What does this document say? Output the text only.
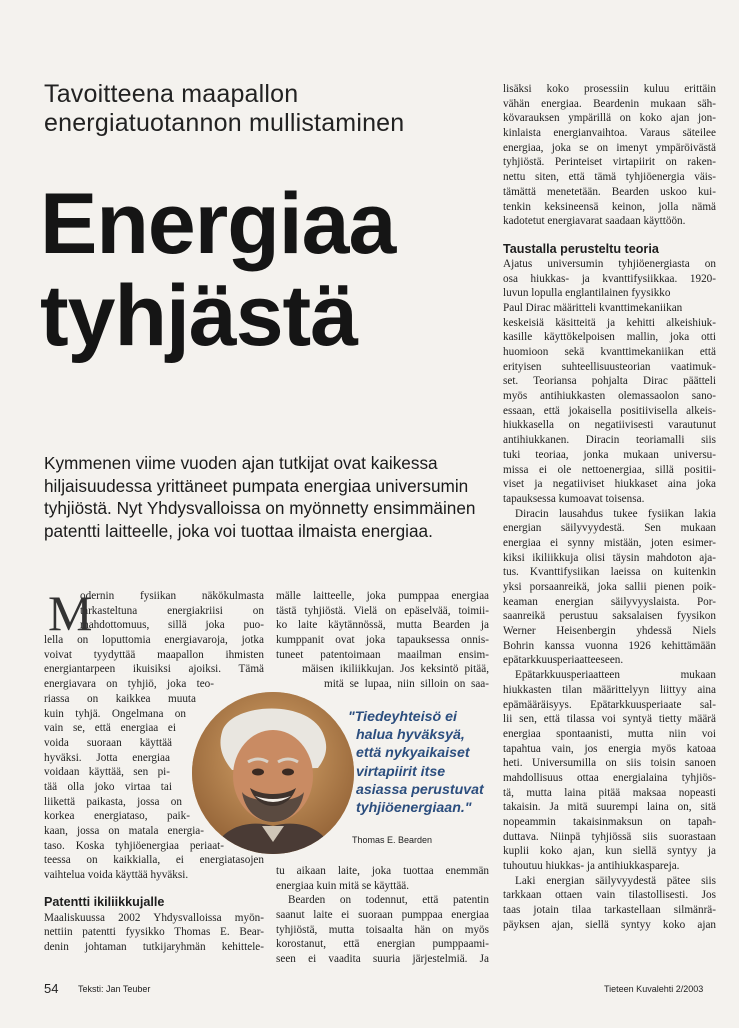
Tavoitteena maapallon
energiatuotannon mullistaminen
Energiaa
tyhjästä
Kymmenen viime vuoden ajan tutkijat ovat kaikessa
hiljaisuudessa yrittäneet pumpata energiaa universumin
tyhjiöstä. Nyt Yhdysvalloissa on myönnetty ensimmäinen
patentti laitteelle, joka voi tuottaa ilmaista energiaa.
M
odernin fysiikan näkökulmasta
tarkasteltuna energiakriisi on
mahdottomuus, sillä joka puo-
lella on loputtomia energiavaroja, jotka
voivat tyydyttää maapallon ihmisten
energiantarpeen ikuisiksi ajoiksi. Tämä
energiavara on tyhjiö, joka teo-
riassa on kaikkea muuta
kuin tyhjä. Ongelmana on
vain se, että energiaa ei
voida suoraan käyttää
hyväksi. Jotta energiaa
voidaan käyttää, sen pi-
tää olla joko virtaa tai
liikettä paikasta, jossa on
korkea energiataso, paik-
kaan, jossa on matala energia-
taso. Koska tyhjiöenergiaa periaat-
teessa on kaikkialla, ei energiatasojen
vaihtelua voida käyttää hyväksi.
Patentti ikiliikkujalle
Maaliskuussa 2002 Yhdysvalloissa myön-
nettiin patentti fyysikko Thomas E. Bear-
denin johtaman tutkijaryhmän kehittele-
mälle laitteelle, joka pumppaa energiaa
tästä tyhjiöstä. Vielä on epäselvää, toimii-
ko laite käytännössä, mutta Bearden ja
kumppanit ovat joka tapauksessa onnis-
tuneet patentoimaan maailman ensim-
mäisen ikiliikkujan. Jos keksintö pitää,
mitä se lupaa, niin silloin on saa-
"Tiedeyhteisö ei
halua hyväksyä,
että nykyaikaiset
virtapiirit itse
asiassa perustuvat
tyhjiöenergiaan."
Thomas E. Bearden
tu aikaan laite, joka tuottaa enemmän
energiaa kuin mitä se käyttää.
Bearden on todennut, että patentin
saanut laite ei suoraan pumppaa energiaa
tyhjiöstä, mutta toisaalta hän on myös
korostanut, että energian pumppaami-
seen ei vaadita suuria järjestelmiä. Ja
lisäksi koko prosessiin kuluu erittäin
vähän energiaa. Beardenin mukaan säh-
kövarauksen ympärillä on koko ajan jon-
kinlaista energianvaihtoa. Varaus säteilee
energiaa, joka se on imenyt ympäröivästä
tyhjiöstä. Perinteiset virtapiirit on raken-
nettu siten, että tämä tyhjiöenergia väis-
tämättä menetetään. Bearden uskoo kui-
tenkin keksineensä keinon, jolla nämä
kadotetut energiavarat saadaan käyttöön.
Taustalla perusteltu teoria
Ajatus universumin tyhjiöenergiasta on
osa hiukkas- ja kvanttifysiikkaa. 1920-
luvun lopulla englantilainen fyysikko
Paul Dirac määritteli kvanttimekaniikan
keskeisiä käsitteitä ja kehitti alkeishiuk-
kasille käyttökelpoisen mallin, joka otti
huomioon sekä kvanttimekaniikan että
erityisen suhteellisuusteorian vaatimuk-
set. Teoriansa pohjalta Dirac päätteli
myös antihiukkasten olemassaolon sano-
essaan, että jokaisella positiivisella alkeis-
hiukkasella on negatiivisesti varautunut
antihiukkanen. Diracin teoriamalli siis
tuki teoriaa, jonka mukaan universu-
missa ei ole nettoenergiaa, sillä positii-
viset ja negatiiviset hiukkaset aina joka
tapauksessa kumoavat toisensa.
Diracin lausahdus tukee fysiikan lakia
energian säilyvyydestä. Sen mukaan
energiaa ei synny mistään, joten esimer-
kiksi ikiliikkuja olisi täysin mahdoton aja-
tus. Kvanttifysiikan laeissa on kuitenkin
yksi porsaanreikä, joka sallii pienen poik-
keaman energian säilyvyyslaista. Por-
saanreikä perustuu saksalaisen fyysikon
Werner Heisenbergin yhdessä Niels
Bohrin kanssa vuonna 1926 kehittämään
epätarkkuusperiaatteeseen.
Epätarkkuusperiaatteen mukaan
hiukkasten tilan määrittelyyn liittyy aina
epämääräisyys. Epätarkkuusperiaate sal-
lii sen, että tilassa voi syntyä tietty määrä
energiaa spontaanisti, mutta niin voi
tapahtua vain, jos energia myös katoaa
heti. Universumilla on siis toisin sanoen
mahdollisuus ottaa energialaina tyhjiös-
tä, mutta laina pitää maksaa nopeasti
takaisin. Ja mitä suurempi laina on, sitä
nopeammin takaisinmaksun on tapah-
duttava. Niinpä tyhjiössä siis suorastaan
kuplii koko ajan, kun siellä syntyy ja
tuhoutuu hiukkas- ja antihiukkaspareja.
Laki energian säilyvyydestä pätee siis
tarkkaan ottaen vain tilastollisesti. Jos
taas jotain tilaa tarkastellaan silmänrä-
päyksen ajan, siellä syntyy koko ajan
54 Teksti: Jan Teuber	Tieteen Kuvalehti 2/2003
